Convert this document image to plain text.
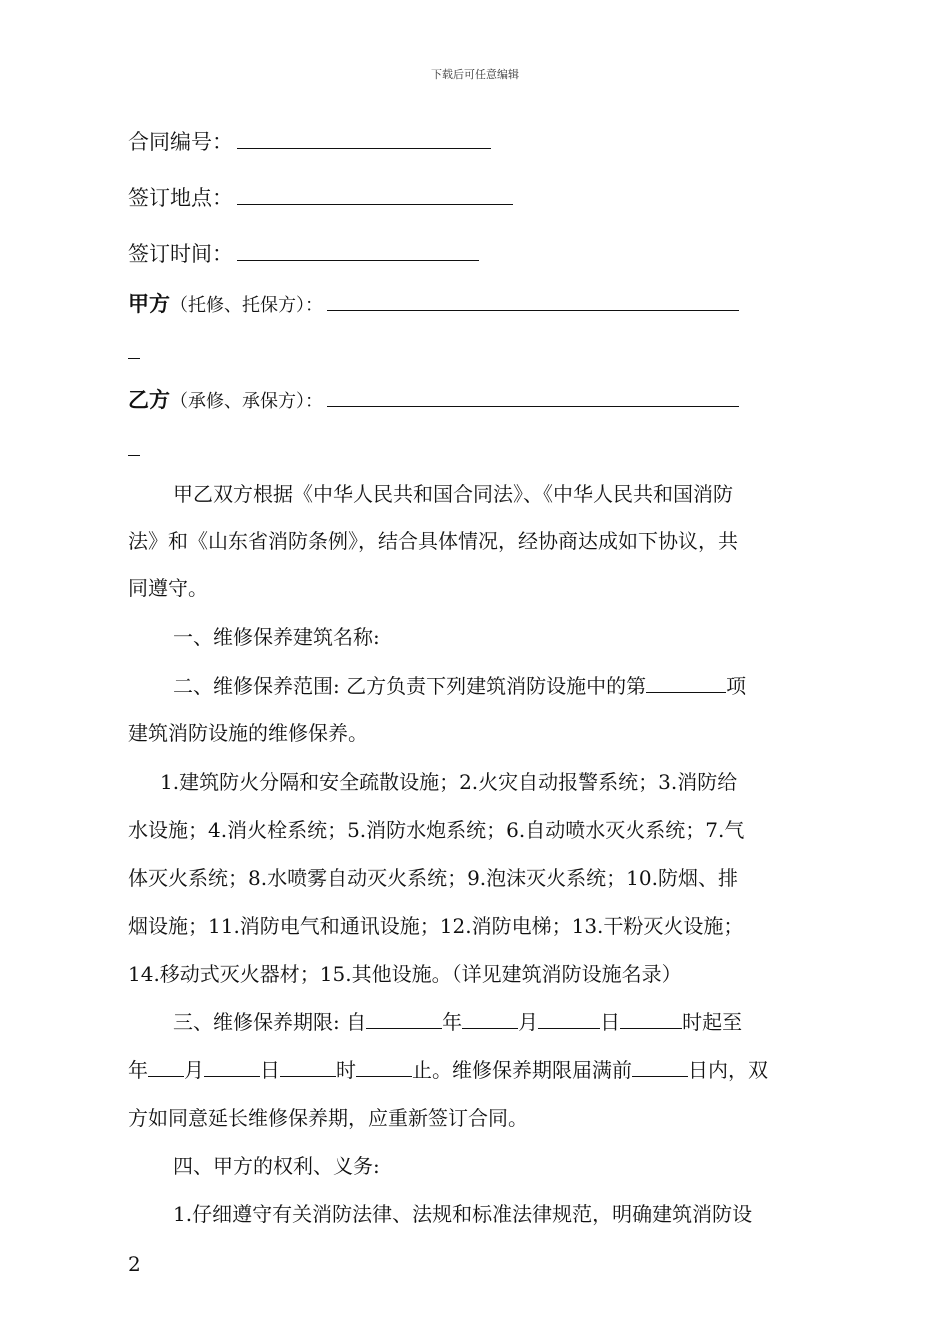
下载后可任意编辑
合同编号：
签订地点：
签订时间：
甲方（托修、托保方）：
乙方（承修、承保方）：
甲乙双方根据《中华人民共和国合同法》、《中华人民共和国消防
法》和《山东省消防条例》，结合具体情况，经协商达成如下协议，共
同遵守。
一、维修保养建筑名称:
二、维修保养范围: 乙方负责下列建筑消防设施中的第	项
建筑消防设施的维修保养。
1.建筑防火分隔和安全疏散设施；2.火灾自动报警系统；3.消防给
水设施；4.消火栓系统；5.消防水炮系统；6.自动喷水灭火系统；7.气
体灭火系统；8.水喷雾自动灭火系统；9.泡沫灭火系统；10.防烟、排
烟设施；11.消防电气和通讯设施；12.消防电梯；13.干粉灭火设施；
14.移动式灭火器材；15.其他设施。（详见建筑消防设施名录）
三、维修保养期限: 自	年	月	日	时起至
年 月	日	时	止。维修保养期限届满前	日内，双
方如同意延长维修保养期，应重新签订合同。
四、甲方的权利、义务:
1.仔细遵守有关消防法律、法规和标准法律规范，明确建筑消防设
2
